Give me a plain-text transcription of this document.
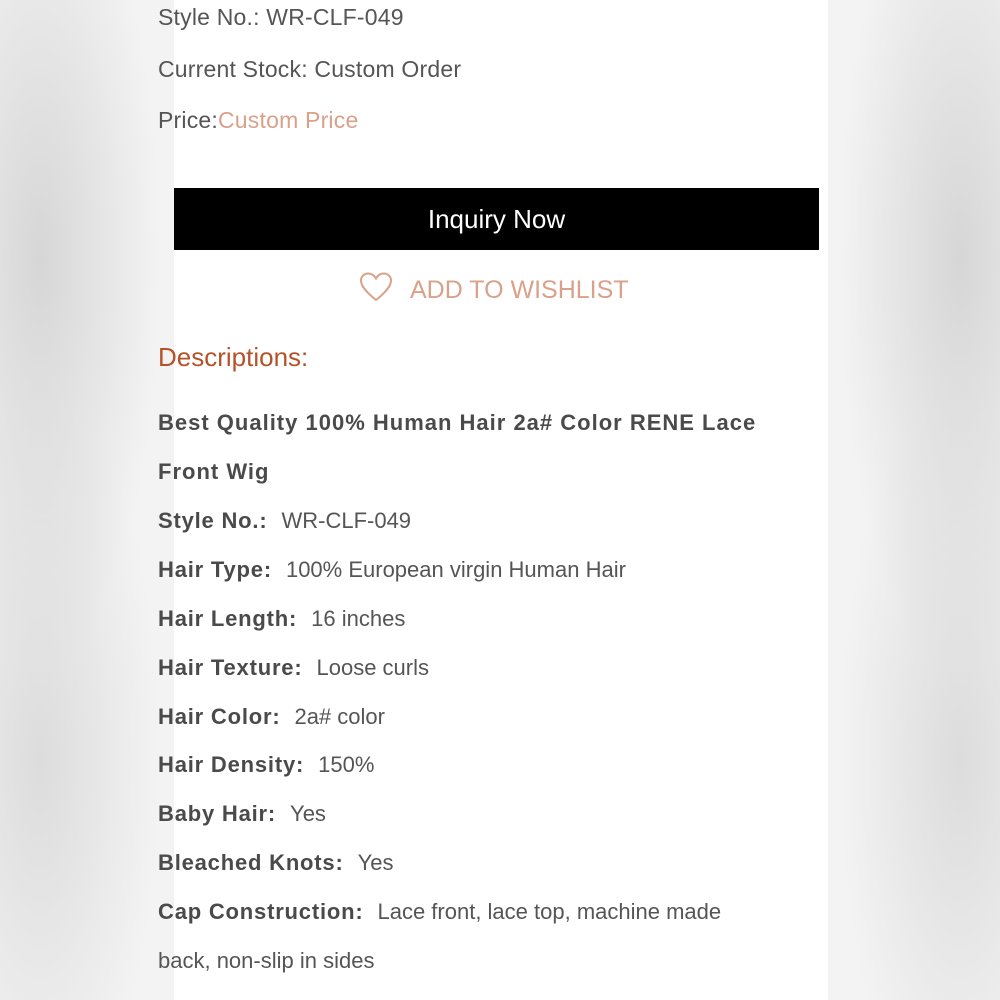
Style No.: WR-CLF-049
Current Stock: Custom Order
Price:Custom Price
Inquiry Now
ADD TO WISHLIST
Descriptions:
Best Quality 100% Human Hair 2a# Color RENE Lace
Front Wig
Style No.: WR-CLF-049
Hair Type: 100% European virgin Human Hair
Hair Length: 16 inches
Hair Texture: Loose curls
Hair Color: 2a# color
Hair Density: 150%
Baby Hair: Yes
Bleached Knots: Yes
Cap Construction: Lace front, lace top, machine made
back, non-slip in sides
